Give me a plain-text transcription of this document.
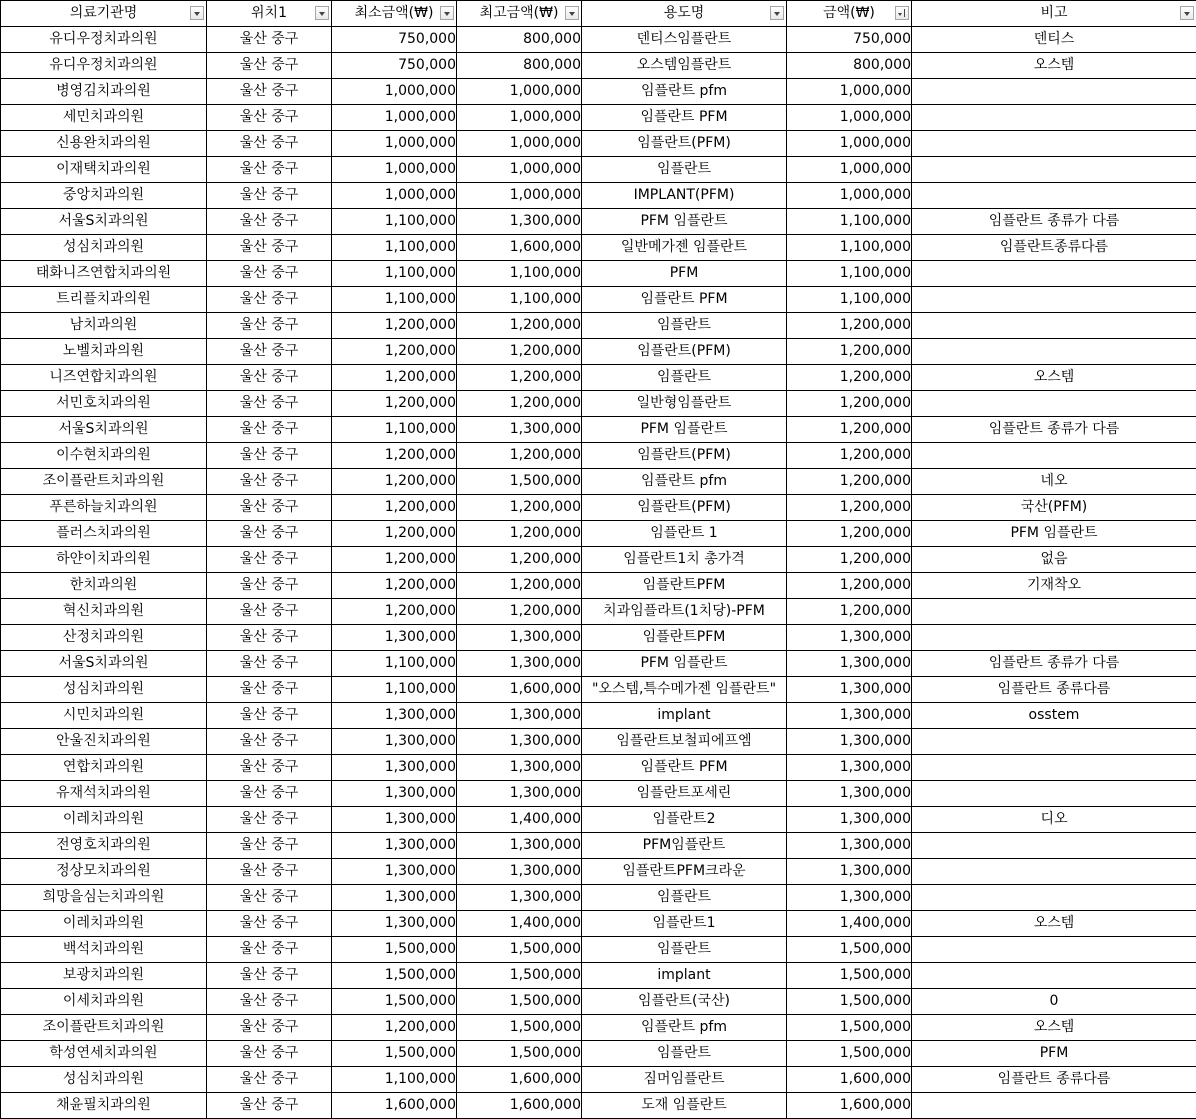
의료기관명	위치1	최소금액(₩)	최고금액(₩)	용도명	금액(₩)	비고

유디우정치과의원	울산 중구	750,000	800,000	덴티스임플란트	750,000	덴티스
유디우정치과의원	울산 중구	750,000	800,000	오스템임플란트	800,000	오스템
병영김치과의원	울산 중구	1,000,000	1,000,000	임플란트 pfm	1,000,000	
세민치과의원	울산 중구	1,000,000	1,000,000	임플란트 PFM	1,000,000	
신용완치과의원	울산 중구	1,000,000	1,000,000	임플란트(PFM)	1,000,000	
이재택치과의원	울산 중구	1,000,000	1,000,000	임플란트	1,000,000	
중앙치과의원	울산 중구	1,000,000	1,000,000	IMPLANT(PFM)	1,000,000	
서울S치과의원	울산 중구	1,100,000	1,300,000	PFM 임플란트	1,100,000	임플란트 종류가 다름
성심치과의원	울산 중구	1,100,000	1,600,000	일반메가젠 임플란트	1,100,000	임플란트종류다름
태화니즈연합치과의원	울산 중구	1,100,000	1,100,000	PFM	1,100,000	
트리플치과의원	울산 중구	1,100,000	1,100,000	임플란트 PFM	1,100,000	
남치과의원	울산 중구	1,200,000	1,200,000	임플란트	1,200,000	
노벨치과의원	울산 중구	1,200,000	1,200,000	임플란트(PFM)	1,200,000	
니즈연합치과의원	울산 중구	1,200,000	1,200,000	임플란트	1,200,000	오스템
서민호치과의원	울산 중구	1,200,000	1,200,000	일반형임플란트	1,200,000	
서울S치과의원	울산 중구	1,100,000	1,300,000	PFM 임플란트	1,200,000	임플란트 종류가 다름
이수현치과의원	울산 중구	1,200,000	1,200,000	임플란트(PFM)	1,200,000	
조이플란트치과의원	울산 중구	1,200,000	1,500,000	임플란트 pfm	1,200,000	네오
푸른하늘치과의원	울산 중구	1,200,000	1,200,000	임플란트(PFM)	1,200,000	국산(PFM)
플러스치과의원	울산 중구	1,200,000	1,200,000	임플란트 1	1,200,000	PFM 임플란트
하얀이치과의원	울산 중구	1,200,000	1,200,000	임플란트1치 총가격	1,200,000	없음
한치과의원	울산 중구	1,200,000	1,200,000	임플란트PFM	1,200,000	기재착오
혁신치과의원	울산 중구	1,200,000	1,200,000	치과임플라트(1치당)-PFM	1,200,000	
산정치과의원	울산 중구	1,300,000	1,300,000	임플란트PFM	1,300,000	
서울S치과의원	울산 중구	1,100,000	1,300,000	PFM 임플란트	1,300,000	임플란트 종류가 다름
성심치과의원	울산 중구	1,100,000	1,600,000	"오스템,특수메가젠 임플란트"	1,300,000	임플란트 종류다름
시민치과의원	울산 중구	1,300,000	1,300,000	implant	1,300,000	osstem
안울진치과의원	울산 중구	1,300,000	1,300,000	임플란트보철피에프엠	1,300,000	
연합치과의원	울산 중구	1,300,000	1,300,000	임플란트 PFM	1,300,000	
유재석치과의원	울산 중구	1,300,000	1,300,000	임플란트포세린	1,300,000	
이레치과의원	울산 중구	1,300,000	1,400,000	임플란트2	1,300,000	디오
전영호치과의원	울산 중구	1,300,000	1,300,000	PFM임플란트	1,300,000	
정상모치과의원	울산 중구	1,300,000	1,300,000	임플란트PFM크라운	1,300,000	
희망을심는치과의원	울산 중구	1,300,000	1,300,000	임플란트	1,300,000	
이레치과의원	울산 중구	1,300,000	1,400,000	임플란트1	1,400,000	오스템
백석치과의원	울산 중구	1,500,000	1,500,000	임플란트	1,500,000	
보광치과의원	울산 중구	1,500,000	1,500,000	implant	1,500,000	
이세치과의원	울산 중구	1,500,000	1,500,000	임플란트(국산)	1,500,000	0
조이플란트치과의원	울산 중구	1,200,000	1,500,000	임플란트 pfm	1,500,000	오스템
학성연세치과의원	울산 중구	1,500,000	1,500,000	임플란트	1,500,000	PFM
성심치과의원	울산 중구	1,100,000	1,600,000	짐머임플란트	1,600,000	임플란트 종류다름
채윤필치과의원	울산 중구	1,600,000	1,600,000	도재 임플란트	1,600,000	
